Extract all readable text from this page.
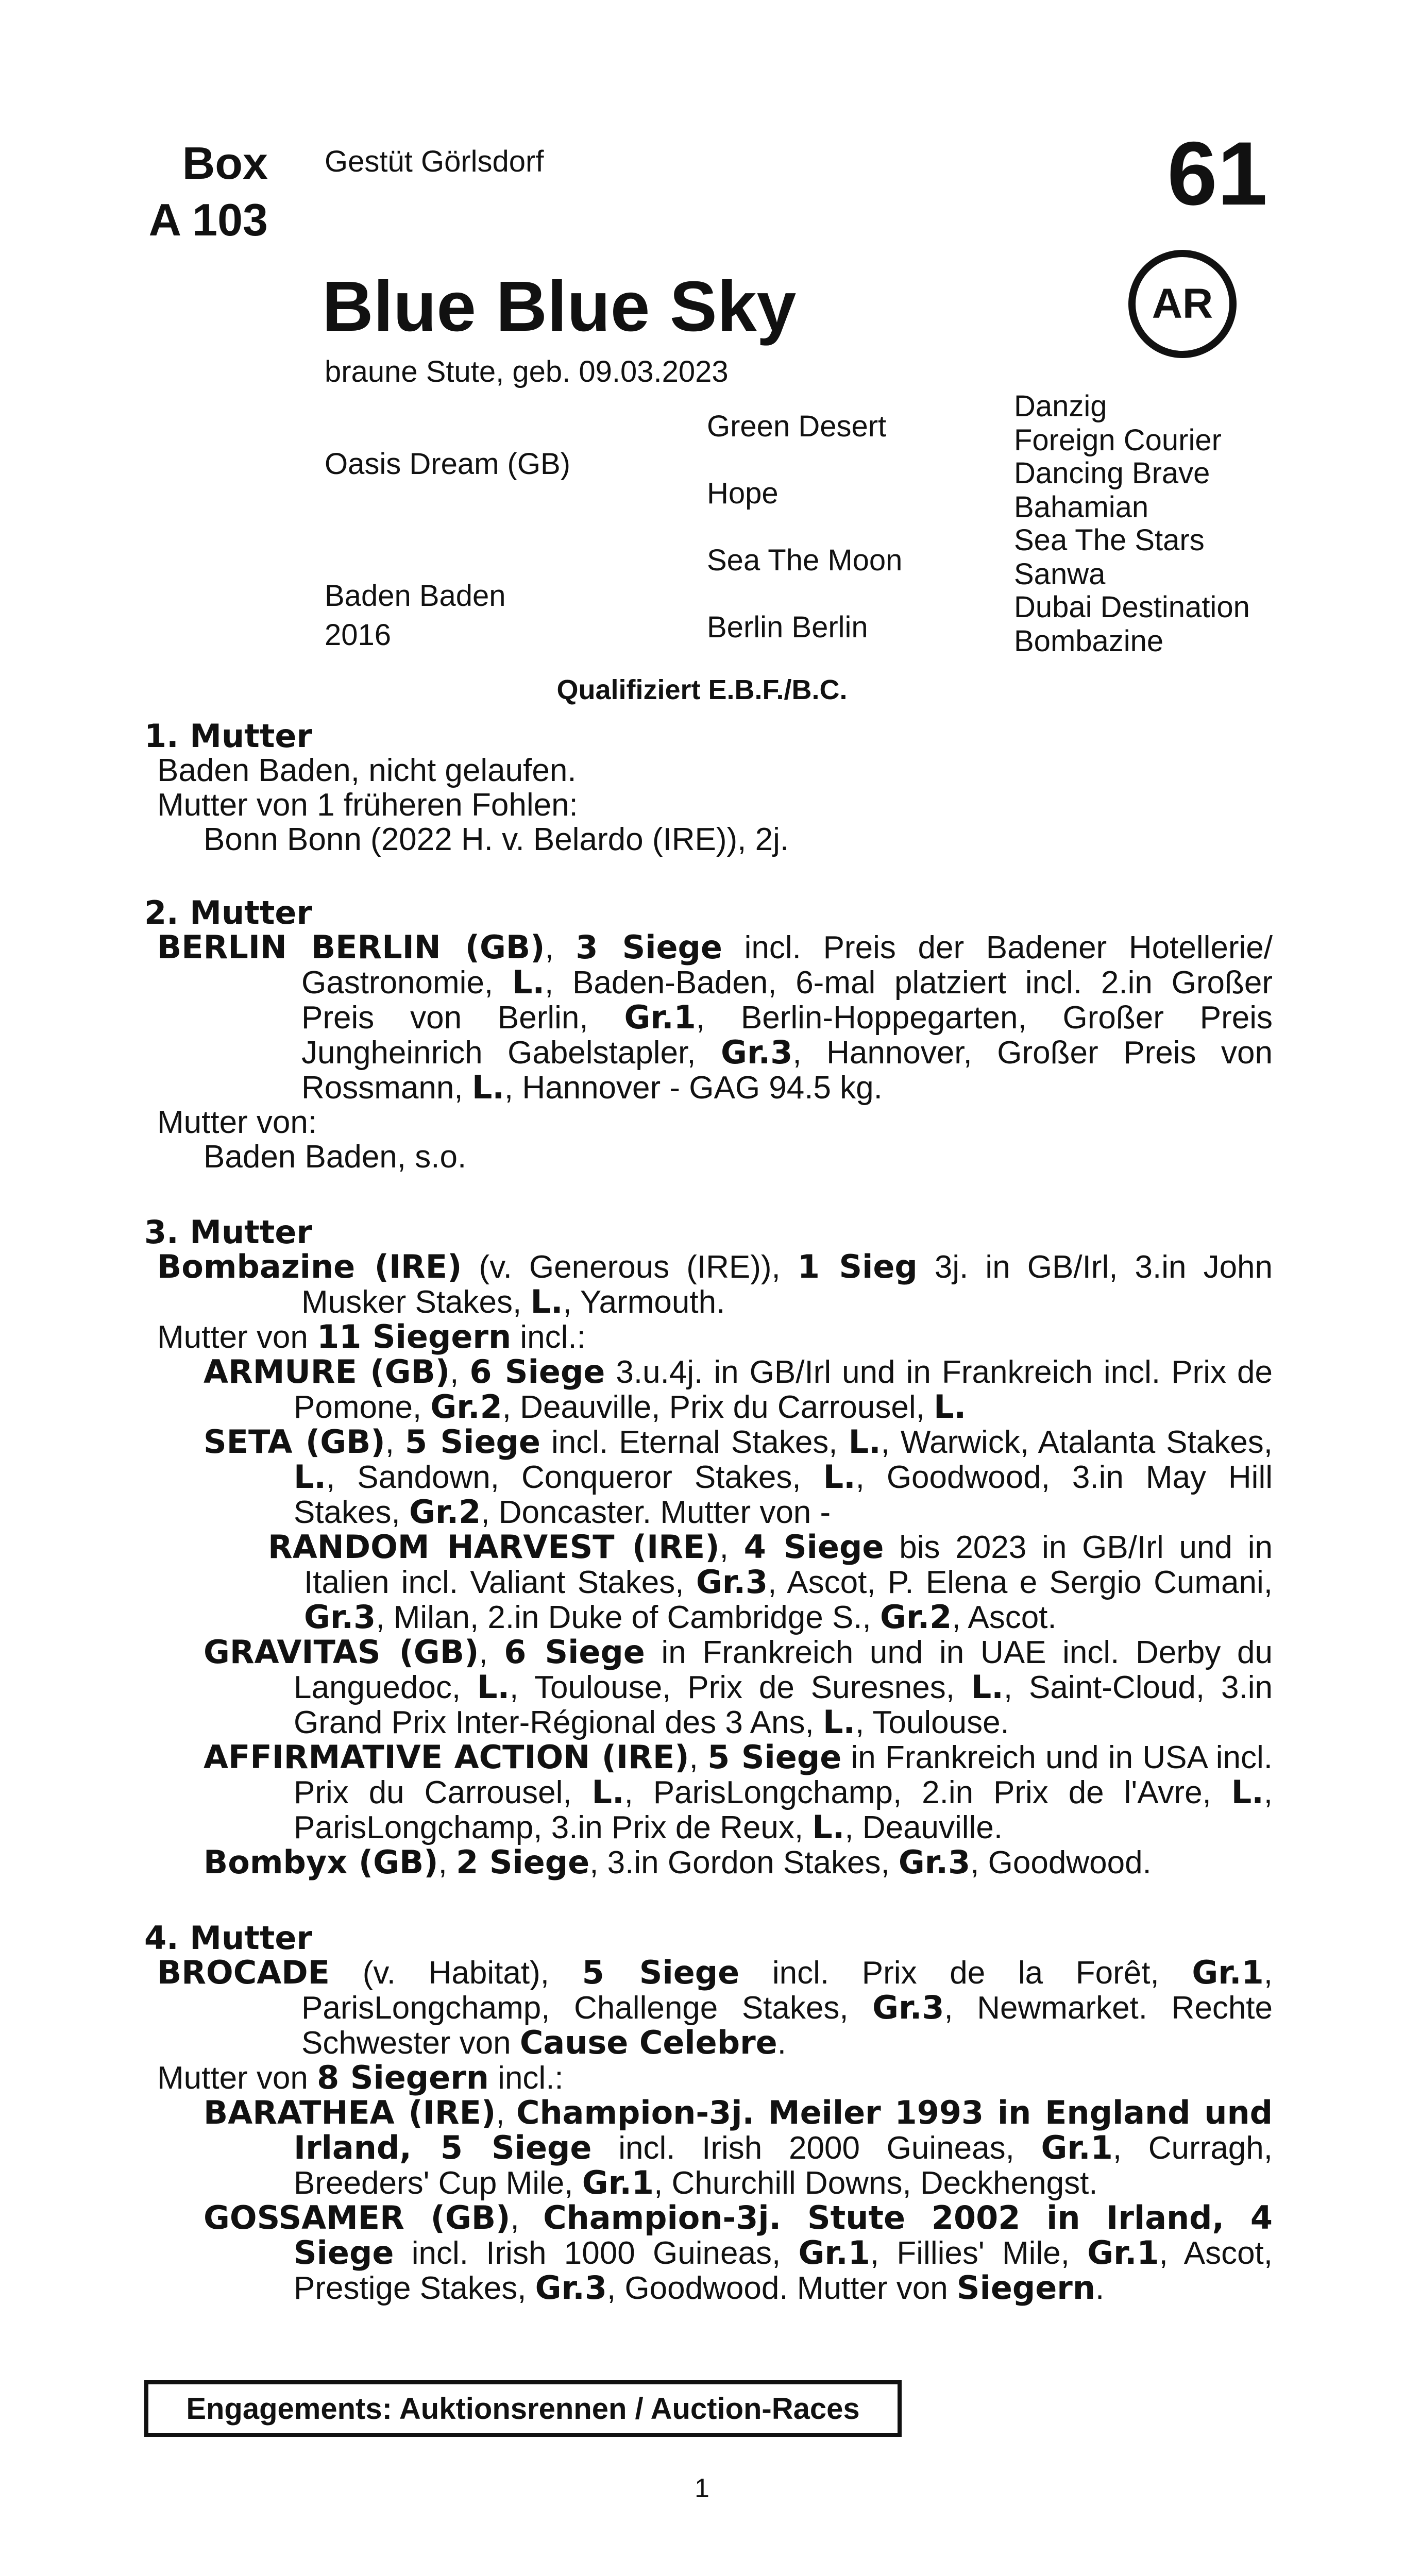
Box
A 103
Gestüt Görlsdorf	61
Blue Blue Sky	AR
braune Stute, geb. 09.03.2023
Oasis Dream (GB)
Baden Baden
2016
Green Desert
Hope
Sea The Moon
Berlin Berlin
Danzig
Foreign Courier
Dancing Brave
Bahamian
Sea The Stars
Sanwa
Dubai Destination
Bombazine
Qualifiziert E.B.F./B.C.
1. Mutter

Baden Baden, nicht gelaufen.

Mutter von 1 früheren Fohlen:

Bonn Bonn (2022 H. v. Belardo (IRE)), 2j.

2. Mutter

BERLIN BERLIN (GB), 3 Siege incl. Preis der Badener Hotellerie/ Gastronomie, L., Baden-Baden, 6-mal platziert incl. 2.in Großer Preis von Berlin, Gr.1, Berlin-Hoppegarten, Großer Preis Jungheinrich Gabelstapler, Gr.3, Hannover, Großer Preis von Rossmann, L., Hannover - GAG 94.5 kg.

Mutter von:

Baden Baden, s.o.

3. Mutter

Bombazine (IRE) (v. Generous (IRE)), 1 Sieg 3j. in GB/Irl, 3.in John Musker Stakes, L., Yarmouth.

Mutter von 11 Siegern incl.:

ARMURE (GB), 6 Siege 3.u.4j. in GB/Irl und in Frankreich incl. Prix de Pomone, Gr.2, Deauville, Prix du Carrousel, L.

SETA (GB), 5 Siege incl. Eternal Stakes, L., Warwick, Atalanta Stakes, L., Sandown, Conqueror Stakes, L., Goodwood, 3.in May Hill Stakes, Gr.2, Doncaster. Mutter von -

RANDOM HARVEST (IRE), 4 Siege bis 2023 in GB/Irl und in Italien incl. Valiant Stakes, Gr.3, Ascot, P. Elena e Sergio Cumani, Gr.3, Milan, 2.in Duke of Cambridge S., Gr.2, Ascot.

GRAVITAS (GB), 6 Siege in Frankreich und in UAE incl. Derby du Languedoc, L., Toulouse, Prix de Suresnes, L., Saint-Cloud, 3.in Grand Prix Inter-Régional des 3 Ans, L., Toulouse.

AFFIRMATIVE ACTION (IRE), 5 Siege in Frankreich und in USA incl. Prix du Carrousel, L., ParisLongchamp, 2.in Prix de l'Avre, L., ParisLongchamp, 3.in Prix de Reux, L., Deauville.

Bombyx (GB), 2 Siege, 3.in Gordon Stakes, Gr.3, Goodwood.

4. Mutter

BROCADE (v. Habitat), 5 Siege incl. Prix de la Forêt, Gr.1, ParisLongchamp, Challenge Stakes, Gr.3, Newmarket. Rechte Schwester von Cause Celebre.

Mutter von 8 Siegern incl.:

BARATHEA (IRE), Champion-3j. Meiler 1993 in England und Irland, 5 Siege incl. Irish 2000 Guineas, Gr.1, Curragh, Breeders' Cup Mile, Gr.1, Churchill Downs, Deckhengst.

GOSSAMER (GB), Champion-3j. Stute 2002 in Irland, 4 Siege incl. Irish 1000 Guineas, Gr.1, Fillies' Mile, Gr.1, Ascot, Prestige Stakes, Gr.3, Goodwood. Mutter von Siegern.

Engagements: Auktionsrennen / Auction-Races
1
